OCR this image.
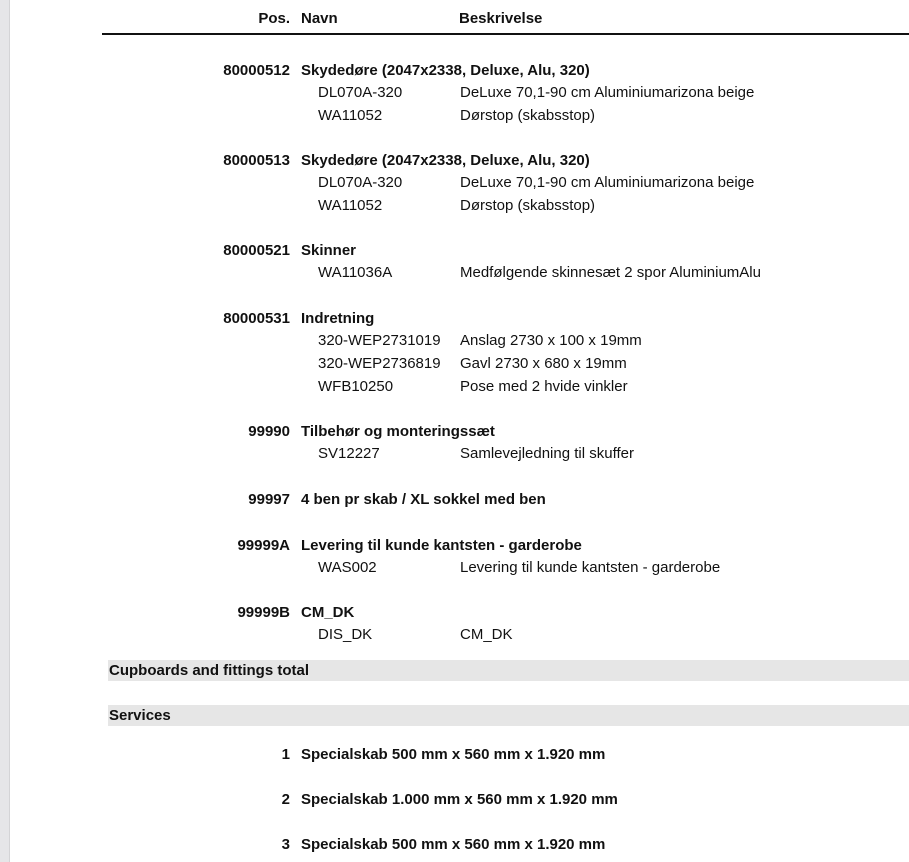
Pos. Navn	Beskrivelse
80000512 Skydedøre (2047x2338, Deluxe, Alu, 320)
DL070A-320	DeLuxe 70,1-90 cm Aluminiumarizona beige
WA11052	Dørstop (skabsstop)
80000513 Skydedøre (2047x2338, Deluxe, Alu, 320)
DL070A-320	DeLuxe 70,1-90 cm Aluminiumarizona beige
WA11052	Dørstop (skabsstop)
80000521 Skinner
WA11036A	Medfølgende skinnesæt 2 spor AluminiumAlu
80000531 Indretning
320-WEP2731019 Anslag 2730 x 100 x 19mm
320-WEP2736819 Gavl 2730 x 680 x 19mm
WFB10250	Pose med 2 hvide vinkler
99990 Tilbehør og monteringssæt
SV12227	Samlevejledning til skuffer
99997 4 ben pr skab / XL sokkel med ben
99999A Levering til kunde kantsten - garderobe
WAS002	Levering til kunde kantsten - garderobe
99999B CM_DK
DIS_DK	CM_DK
Cupboards and fittings total
Services
1 Specialskab 500 mm x 560 mm x 1.920 mm
2 Specialskab 1.000 mm x 560 mm x 1.920 mm
3 Specialskab 500 mm x 560 mm x 1.920 mm
